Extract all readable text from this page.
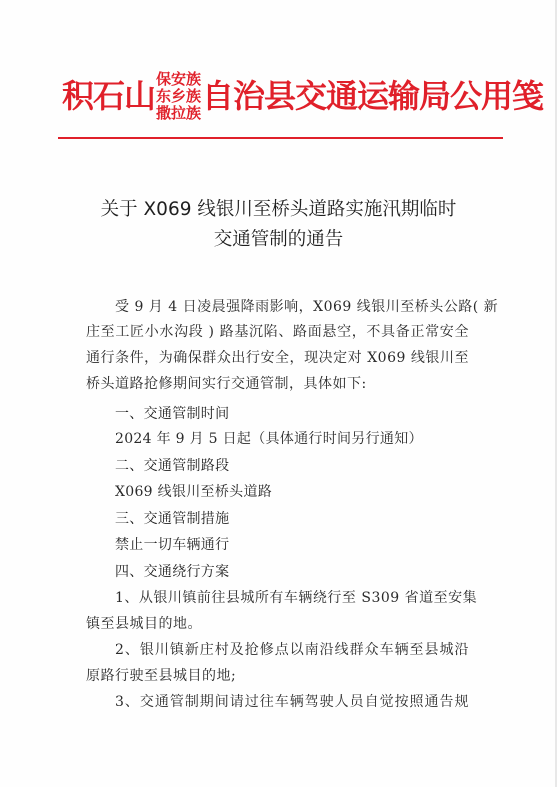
积石山 保安族
东乡族
撒拉族 自治县交通运输局公用笺
关于 X069 线银川至桥头道路实施汛期临时
交通管制的通告
受 9 月 4 日凌晨强降雨影响，X069 线银川至桥头公路( 新
庄至工匠小水沟段 ) 路基沉陷、路面悬空，不具备正常安全
通行条件，为确保群众出行安全，现决定对 X069 线银川至
桥头道路抢修期间实行交通管制，具体如下:
一、交通管制时间
2024 年 9 月 5 日起（具体通行时间另行通知）
二、交通管制路段
X069 线银川至桥头道路
三、交通管制措施
禁止一切车辆通行
四、交通绕行方案
1、从银川镇前往县城所有车辆绕行至 S309 省道至安集
镇至县城目的地。
2、银川镇新庄村及抢修点以南沿线群众车辆至县城沿
原路行驶至县城目的地;
3、交通管制期间请过往车辆驾驶人员自觉按照通告规
